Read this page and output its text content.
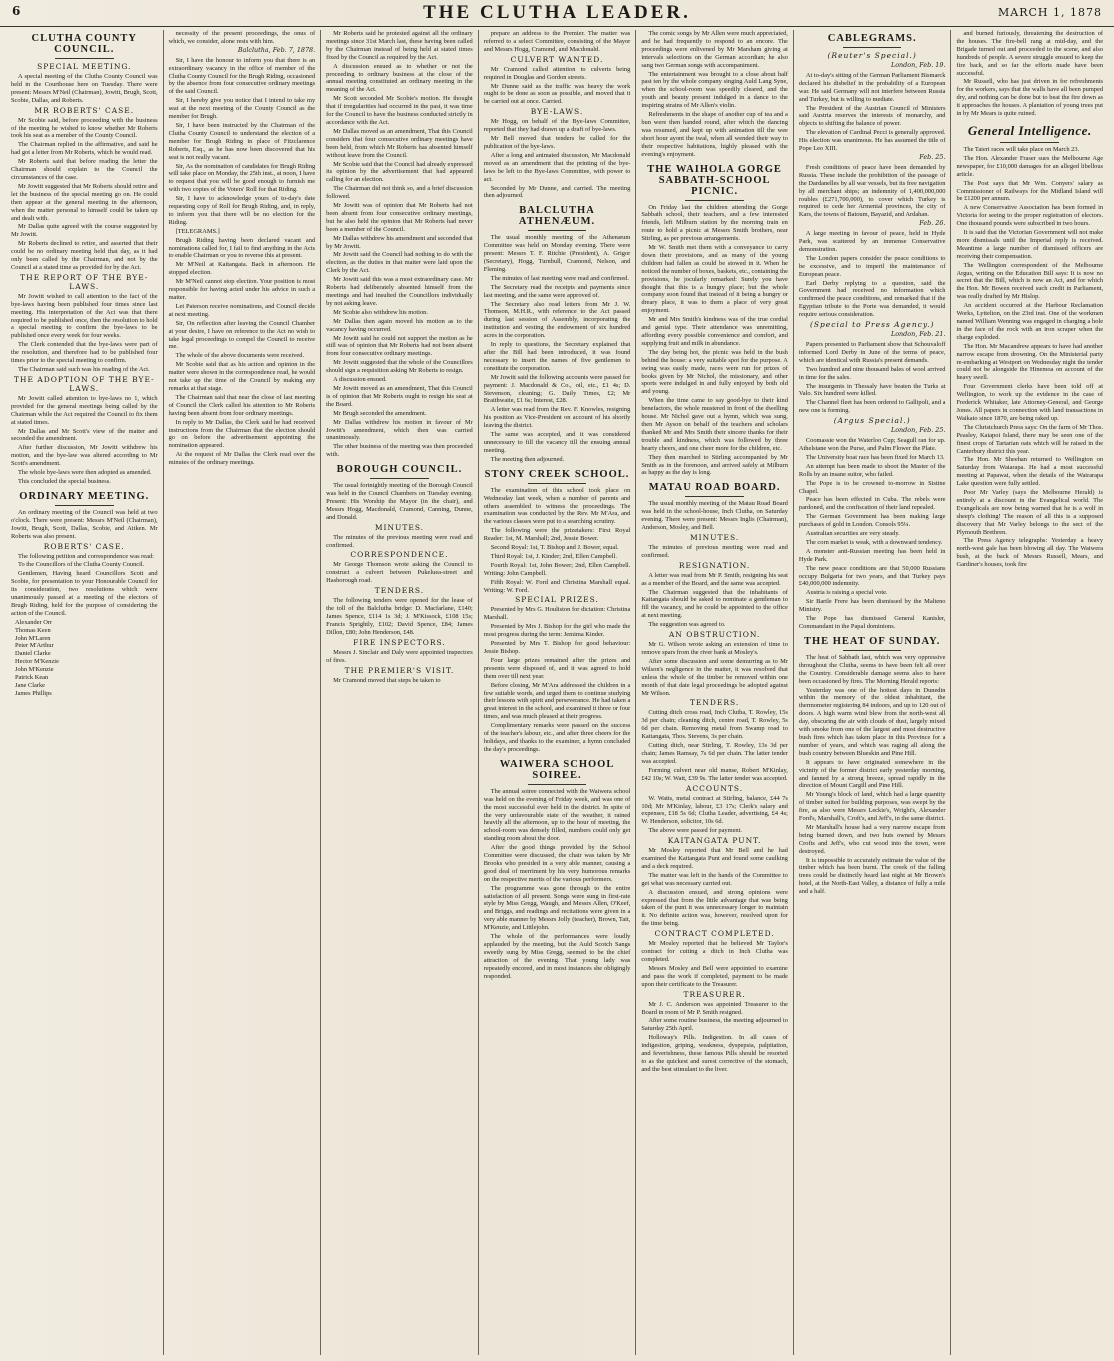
6	THE CLUTHA LEADER.	MARCH 1, 1878
CLUTHA COUNTY COUNCIL.
SPECIAL MEETING.

A special meeting of the Clutha County Council was held in the Courthouse here on Tuesday. There were present: Messrs M'Neil (Chairman), Jowitt, Brugh, Scott, Scobie, Dallas, and Roberts.

MR ROBERTS' CASE.

Mr Scobie said, before proceeding with the business of the meeting he wished to know whether Mr Roberts took his seat as a member of the County Council.

The Chairman replied in the affirmative, and said he had got a letter from Mr Roberts, which he would read.

Mr Roberts said that before reading the letter the Chairman should explain to the Council the circumstances of the case.

Mr Jowitt suggested that Mr Roberts should retire and let the business of the special meeting go on. He could then appear at the general meeting in the afternoon, when the matter personal to himself could be taken up and dealt with.

Mr Dallas quite agreed with the course suggested by Mr Jowitt.

Mr Roberts declined to retire, and asserted that their could be no ordinary meeting held that day, as it had only been called by the Chairman, and not by the Council at a stated time as provided for by the Act.

THE REPORT OF THE BYE-LAWS.

Mr Jowitt wished to call attention to the fact of the bye-laws having been published four times since last meeting. His interpretation of the Act was that there required to be published once, then the resolution to hold a special meeting to confirm the bye-laws to be published once every week for four weeks.

The Clerk contended that the bye-laws were part of the resolution, and therefore had to be published four times prior to the special meeting to confirm.

The Chairman said such was his reading of the Act.

THE ADOPTION OF THE BYE-LAWS.

Mr Jowitt called attention to bye-laws no 1, which provided for the general meetings being called by the Chairman while the Act required the Council to fix them at stated times.

Mr Dallas and Mr Scott's view of the matter and seconded the amendment.

After further discussion, Mr Jowitt withdrew his motion, and the bye-law was altered according to Mr Scott's amendment.

The whole bye-laws were then adopted as amended.

This concluded the special business.

ORDINARY MEETING.

An ordinary meeting of the Council was held at two o'clock. There were present: Messrs M'Neil (Chairman), Jowitt, Brugh, Scott, Dallas, Scobie, and Aitken. Mr Roberts was also present.

ROBERTS' CASE.

The following petition and correspondence was read:

To the Councillors of the Clutha County Council.

Gentlemen, Having heard Councillors Scott and Scobie, for presentation to your Honourable Council for its consideration, two resolutions which were unanimously passed at a meeting of the electors of Brugh Riding, held for the purpose of considering the action of the Council.

Alexander Orr
Thomas Keen
John M'Laren
Peter M'Arthur
Daniel Clarke
Hector M'Kenzie
John M'Kenzie
Patrick Kean
Jane Clarke
James Phillips

necessity of the present proceedings, the onus of which, we consider, alone rests with him.

Balclutha, Feb. 7, 1878.

Sir, I have the honour to inform you that there is an extraordinary vacancy in the office of member of the Clutha County Council for the Brugh Riding, occasioned by the absence from four consecutive ordinary meetings of the said Council.

Sir, I hereby give you notice that I intend to take my seat at the next meeting of the County Council as the member for Brugh.

Sir, I have been instructed by the Chairman of the Clutha County Council to understand the election of a member for Brugh Riding in place of Fitzclarence Roberts, Esq., as he has now been discovered that his seat is not really vacant.

Sir, As the nomination of candidates for Brugh Riding will take place on Monday, the 25th inst., at noon, I have to request that you will be good enough to furnish me with two copies of the Voters' Roll for that Riding.

Sir, I have to acknowledge yours of to-day's date requesting copy of Roll for Brugh Riding, and, in reply, to inform you that there will be no election for the Riding.

[TELEGRAMS.]

Brugh Riding having been declared vacant and nominations called for, I fail to find anything in the Acts to enable Chairman or you to reverse this at present.

Mr M'Neil at Kaitangata. Back in afternoon. He stopped election.

Mr M'Neil cannot stop election. Your position is most responsible for having acted under his advice in such a matter.

Let Paterson receive nominations, and Council decide at next meeting.

Sir, On reflection after leaving the Council Chamber at your desire, I have on reference to the Act no wish to take legal proceedings to compel the Council to receive me.

The whole of the above documents were received.

Mr Scobie said that as his action and opinion in the matter were shown in the correspondence read, he would not take up the time of the Council by making any remarks at that stage.

The Chairman said that near the close of last meeting of Council the Clerk called his attention to Mr Roberts having been absent from four ordinary meetings.

In reply to Mr Dallas, the Clerk said he had received instructions from the Chairman that the election should go on before the advertisement appointing the nomination appeared.

At the request of Mr Dallas the Clerk read over the minutes of the ordinary meetings.

Mr Roberts said he protested against all the ordinary meetings since 31st March last, these having been called by the Chairman instead of being held at stated times fixed by the Council as required by the Act.

A discussion ensued as to whether or not the proceeding to ordinary business at the close of the annual meeting constituted an ordinary meeting in the meaning of the Act.

Mr Scott seconded Mr Scobie's motion. He thought that if irregularities had occurred in the past, it was time for the Council to have the business conducted strictly in accordance with the Act.

Mr Dallas moved as an amendment, That this Council considers that four consecutive ordinary meetings have been held, from which Mr Roberts has absented himself without leave from the Council.

Mr Scobie said that the Council had already expressed its opinion by the advertisement that had appeared calling for an election.

The Chairman did not think so, and a brief discussion followed.

Mr Jowitt was of opinion that Mr Roberts had not been absent from four consecutive ordinary meetings, but he also held the opinion that Mr Roberts had never been a member of the Council.

Mr Dallas withdrew his amendment and seconded that by Mr Jowitt.

Mr Jowitt said the Council had nothing to do with the election, as the duties in that matter were laid upon the Clerk by the Act.

Mr Jowitt said this was a most extraordinary case. Mr Roberts had deliberately absented himself from the meetings and had insulted the Councillors individually by not asking leave.

Mr Scobie also withdrew his motion.

Mr Dallas then again moved his motion as to the vacancy having occurred.

Mr Jowitt said he could not support the motion as he still was of opinion that Mr Roberts had not been absent from four consecutive ordinary meetings.

Mr Jowitt suggested that the whole of the Councillors should sign a requisition asking Mr Roberts to resign.

A discussion ensued.

Mr Jowitt moved as an amendment, That this Council is of opinion that Mr Roberts ought to resign his seat at the Board.

Mr Brugh seconded the amendment.

Mr Dallas withdrew his motion in favour of Mr Jowitt's amendment, which then was carried unanimously.

The other business of the meeting was then proceeded with.

BOROUGH COUNCIL.

The usual fortnightly meeting of the Borough Council was held in the Council Chambers on Tuesday evening. Present: His Worship the Mayor (in the chair), and Messrs Hogg, Macdonald, Cramond, Canning, Dunne, and Donald.

MINUTES.

The minutes of the previous meeting were read and confirmed.

CORRESPONDENCE.

Mr George Thomson wrote asking the Council to construct a culvert between Pukeluea-street and Hasborough road.

TENDERS.

The following tenders were opened for the lease of the toll of the Balclutha bridge: D. Macfarlane, £140; James Spence, £114 1s 3d; J. M'Kissock, £108 15s; Francis Sprightly, £102; David Spence, £84; James Dillon, £80; John Henderson, £48.

FIRE INSPECTORS.

Messrs J. Sinclair and Daly were appointed inspectors of fires.

THE PREMIER'S VISIT.

Mr Cramond moved that steps be taken to

prepare an address to the Premier. The matter was referred to a select Committee, consisting of the Mayor and Messrs Hogg, Cramond, and Macdonald.

CULVERT WANTED.

Mr Cramond called attention to culverts being required in Douglas and Gordon streets.

Mr Dunne said as the traffic was heavy the work ought to be done as soon as possible, and moved that it be carried out at once. Carried.

BYE-LAWS.

Mr Hogg, on behalf of the Bye-laws Committee, reported that they had drawn up a draft of bye-laws.

Mr Bell moved that tenders be called for the publication of the bye-laws.

After a long and animated discussion, Mr Macdonald moved as an amendment that the printing of the bye-laws be left to the Bye-laws Committee, with power to act.

Seconded by Mr Dunne, and carried. The meeting then adjourned.

BALCLUTHA ATHENÆUM.

The usual monthly meeting of the Athenæum Committee was held on Monday evening. There were present: Messrs T. F. Ritchie (President), A. Grigor (Secretary), Hogg, Turnbull, Cramond, Nelson, and Fleming.

The minutes of last meeting were read and confirmed.

The Secretary read the receipts and payments since last meeting, and the same were approved of.

The Secretary also read letters from Mr J. W. Thomson, M.H.R., with reference to the Act passed during last session of Assembly, incorporating the institution and vesting the endowment of six hundred acres in the corporation.

In reply to questions, the Secretary explained that after the Bill had been introduced, it was found necessary to insert the names of five gentlemen to constitute the corporation.

Mr Jowitt said the following accounts were passed for payment: J. Macdonald & Co., oil, etc., £1 4s; D. Stevenson, cleaning; G. Daily Times, £2; Mr Braithwaite, £1 6s; Interest, £28.

A letter was read from the Rev. F. Knowles, resigning his position as Vice-President on account of his shortly leaving the district.

The same was accepted, and it was considered unnecessary to fill the vacancy till the ensuing annual meeting.

The meeting then adjourned.

STONY CREEK SCHOOL.

The examination of this school took place on Wednesday last week, when a number of parents and others assembled to witness the proceedings. The examination was conducted by the Rev. Mr M'Ara, and the various classes were put to a searching scrutiny.

The following were the prizetakers: First Royal Reader: 1st, M. Marshall; 2nd, Jessie Bower.

Second Royal: 1st, T. Bishop and J. Bower, equal.

Third Royal: 1st, J. Kinder; 2nd, Ellen Campbell.

Fourth Royal: 1st, John Bower; 2nd, Ellen Campbell. Writing: John Campbell.

Fifth Royal: W. Ford and Christina Marshall equal. Writing: W. Ford.

SPECIAL PRIZES.

Presented by Mrs G. Houliston for dictation: Christina Marshall.

Presented by Mrs J. Bishop for the girl who made the most progress during the term: Jemima Kinder.

Presented by Mrs T. Bishop for good behaviour: Jessie Bishop.

Four large prizes remained after the prizes and presents were disposed of, and it was agreed to hold them over till next year.

Before closing, Mr M'Ara addressed the children in a few suitable words, and urged them to continue studying their lessons with spirit and perseverance. He had taken a great interest in the school, and examined it three or four times, and was much pleased at their progress.

Complimentary remarks were passed on the success of the teacher's labour, etc., and after three cheers for the holidays, and thanks to the examiner, a hymn concluded the day's proceedings.

WAIWERA SCHOOL SOIREE.

The annual soiree connected with the Waiwera school was held on the evening of Friday week, and was one of the most successful ever held in the district. In spite of the very unfavourable state of the weather, it rained heavily all the afternoon, up to the hour of meeting, the school-room was densely filled, numbers could only get standing room about the door.

After the good things provided by the School Committee were discussed, the chair was taken by Mr Brooks who presided in a very able manner, causing a good deal of merriment by his very humorous remarks on the respective merits of the various performers.

The programme was gone through to the entire satisfaction of all present. Songs were sung in first-rate style by Miss Gregg, Waugh, and Messrs Allen, O'Keef, and Briggs, and readings and recitations were given in a very able manner by Messrs Jolly (teacher), Brown, Tait, M'Kenzie, and Littlejohn.

The whole of the performances were loudly applauded by the meeting, but the Auld Scotch Sangs sweetly sung by Miss Gregg, seemed to be the chief attraction of the evening. That young lady was repeatedly encored, and in most instances she obligingly responded.

The comic songs by Mr Allen were much appreciated, and he had frequently to respond to an encore. The proceedings were enlivened by Mr Marsham giving at intervals selections on the German accordian; he also sang two German songs with accompaniment.

The entertainment was brought to a close about half past ten by the whole company singing Auld Lang Syne, when the school-room was speedily cleared, and the youth and beauty present indulged in a dance to the inspiring strains of Mr Allen's violin.

Refreshments in the shape of another cup of tea and a bun were then handed round, after which the dancing was resumed, and kept up with animation till the wee short hour ayont the twal, when all wended their way to their respective habitations, highly pleased with the evening's enjoyment.

THE WAIHOLA GORGE SABBATH-SCHOOL PICNIC.

On Friday last the children attending the Gorge Sabbath school, their teachers, and a few interested friends, left Milburn station by the morning train en route to hold a picnic at Messrs Smith brothers, near Stirling, as per previous arrangements.

Mr W. Smith met them with a conveyance to carry down their provisions, and as many of the young children had fallen as could be stowed in it. When he noticed the number of boxes, baskets, etc., containing the provisions, he jocularly remarked: Surely you have thought that this is a hungry place; but the whole company soon found that instead of it being a hungry or dreary place, it was to them a place of very great enjoyment.

Mr and Mrs Smith's kindness was of the true cordial and genial type. Their attendance was unremitting, affording every possible convenience and comfort, and supplying fruit and milk in abundance.

The day being hot, the picnic was held in the bush behind the house: a very suitable spot for the purpose. A swing was easily made, races were run for prizes of books given by Mr Nichol, the missionary, and other sports were indulged in and fully enjoyed by both old and young.

When the time came to say good-bye to their kind benefactors, the whole mustered in front of the dwelling house. Mr Nichol gave out a hymn, which was sung, then Mr Ayson on behalf of the teachers and scholars thanked Mr and Mrs Smith their sincere thanks for their trouble and kindness, which was followed by three hearty cheers, and one cheer more for the children, etc.

They then marched to Stirling accompanied by Mr Smith as in the forenoon, and arrived safely at Milburn as happy as the day is long.

MATAU ROAD BOARD.

The usual monthly meeting of the Matau Road Board was held in the school-house, Inch Clutha, on Saturday evening. There were present: Messrs Inglis (Chairman), Anderson, Mosley, and Bell.

MINUTES.

The minutes of previous meeting were read and confirmed.

RESIGNATION.

A letter was read from Mr P. Smith, resigning his seat as a member of the Board, and the same was accepted.

The Chairman suggested that the inhabitants of Kaitangata should be asked to nominate a gentleman to fill the vacancy, and he could be appointed to the office at next meeting.

The suggestion was agreed to.

AN OBSTRUCTION.

Mr G. Wilson wrote asking an extension of time to remove spars from the river bank at Mosley's.

After some discussion and some demurring as to Mr Wilson's negligence in the matter, it was resolved that unless the whole of the timber be removed within one month of that date legal proceedings be adopted against Mr Wilson.

TENDERS.

Cutting ditch cross road, Inch Clutha, T. Rowley, 15s 3d per chain; cleaning ditch, centre road, T. Rowley, 5s 6d per chain. Removing metal from Swamp road to Kaitangata, Thos. Stevens, 3s per chain.

Cutting ditch, near Stirling, T. Rowley, 13s 3d per chain; James Ramsay, 7s 6d per chain. The latter tender was accepted.

Forming culvert near old manse, Robert M'Kinlay, £42 10s; W. Watt, £39 9s. The latter tender was accepted.

ACCOUNTS.

W. Watts, metal contract at Stirling, balance, £44 7s 10d; Mr M'Kinlay, labour, £3 17s; Clerk's salary and expenses, £18 5s 6d; Clutha Leader, advertising, £4 4s; W. Henderson, solicitor, 10s 6d.

The above were passed for payment.

KAITANGATA PUNT.

Mr Mosley reported that Mr Bell and he had examined the Kaitangata Punt and found some caulking and a deck required.

The matter was left in the hands of the Committee to get what was necessary carried out.

A discussion ensued, and strong opinions were expressed that from the little advantage that was being taken of the punt it was unnecessary longer to maintain it. No definite action was, however, resolved upon for the time being.

CONTRACT COMPLETED.

Mr Mosley reported that he believed Mr Taylor's contract for cutting a ditch in Inch Clutha was completed.

Messrs Mosley and Bell were appointed to examine and pass the work if completed, payment to be made upon their certificate to the Treasurer.

TREASURER.

Mr J. C. Anderson was appointed Treasurer to the Board in room of Mr P. Smith resigned.

After some routine business, the meeting adjourned to Saturday 25th April.

Holloway's Pills. Indigestion. In all cases of indigestion, griping, weakness, dyspepsia, palpitation, and feverishness, these famous Pills should be resorted to as the quickest and surest corrective of the stomach, and the best stimulant to the liver.

CABLEGRAMS.
(Reuter's Special.)

London, Feb. 19.

At to-day's sitting of the German Parliament Bismarck declared his disbelief in the probability of a European war. He said Germany will not interfere between Russia and Turkey, but is willing to mediate.

The President of the Austrian Council of Ministers said Austria reserves the interests of monarchy, and objects to shifting the balance of power.

The elevation of Cardinal Pecci is generally approved. His election was unanimous. He has assumed the title of Pope Leo XIII.

Feb. 25.

Fresh conditions of peace have been demanded by Russia. These include the prohibition of the passage of the Dardanelles by all war vessels, but its free navigation by all merchant ships; an indemnity of 1,400,000,000 roubles (£271,700,000), to cover which Turkey is required to cede her Armenial provinces, the city of Kars, the towns of Batoum, Bayazid, and Ardahan.

Feb. 26.

A large meeting in favour of peace, held in Hyde Park, was scattered by an immense Conservative demonstration.

The London papers consider the peace conditions to be excessive, and to imperil the maintenance of European peace.

Earl Derby replying to a question, said the Government had received no information which confirmed the peace conditions, and remarked that if the Egyptian tribute to the Porte was demanded, it would require serious consideration.

(Special to Press Agency.)

London, Feb. 21.

Papers presented to Parliament show that Schouvaloff informed Lord Derby in June of the terms of peace, which are identical with Russia's present demands.

Two hundred and nine thousand bales of wool arrived in time for the sales.

The insurgents in Thessaly have beaten the Turks at Valo. Six hundred were killed.

The Channel fleet has been ordered to Gallipoli, and a new one is forming.

(Argus Special.)

London, Feb. 25.

Coomassie won the Waterloo Cup; Seagull ran for up. Athelstane won the Purse, and Palm Flower the Plate.

The University boat race has been fixed for March 13.

An attempt has been made to shoot the Master of the Rolls by an insane suitor, who failed.

The Pope is to be crowned to-morrow in Sistine Chapel.

Peace has been effected in Cuba. The rebels were pardoned, and the confiscation of their land repealed.

The German Government has been making large purchases of gold in London. Consols 95¼.

Australian securities are very steady.

The corn market is weak, with a downward tendency.

A monster anti-Russian meeting has been held in Hyde Park.

The new peace conditions are that 50,000 Russians occupy Bulgaria for two years, and that Turkey pays £40,000,000 indemnity.

Austria is raising a special vote.

Sir Bartle Frere has been dismissed by the Malteno Ministry.

The Pope has dismissed General Kanisler, Commandant in the Papal dominions.

THE HEAT OF SUNDAY.

The heat of Sabbath last, which was very oppressive throughout the Clutha, seems to have been felt all over the Country. Considerable damage seems also to have been occasioned by fires. The Morning Herald reports:

Yesterday was one of the hottest days in Dunedin within the memory of the oldest inhabitant, the thermometer registering 84 indoors, and up to 120 out of doors. A high warm wind blew from the north-west all day, obscuring the air with clouds of dust, largely mixed with smoke from one of the largest and most destructive bush fires which has taken place in this Province for a number of years, and which was raging all along the bush country between Blueskin and Pine Hill.

It appears to have originated somewhere in the vicinity of the former district early yesterday morning, and fanned by a strong breeze, spread rapidly in the direction of Mount Cargill and Pine Hill.

Mr Young's block of land, which had a large quantity of timber suited for building purposes, was swept by the fire, as also were Messrs Leckie's, Wright's, Alexander Ford's, Marshall's, Croft's, and Jeff's, in the same district.

Mr Marshall's house had a very narrow escape from being burned down, and two huts owned by Messrs Crofts and Jeff's, who cut wood into the town, were destroyed.

It is impossible to accurately estimate the value of the timber which has been burnt. The creek of the falling trees could be distinctly heard last night at Mr Brown's hotel, at the North-East Valley, a distance of fully a mile and a half.

and burned furiously, threatening the destruction of the houses. The fire-bell rang at mid-day, and the Brigade turned out and proceeded to the scene, and also hundreds of people. A severe struggle ensued to keep the fire back, and so far the efforts made have been successful.

Mr Russell, who has just driven in for refreshments for the workers, says that the walls have all been pumped dry, and nothing can be done but to beat the fire down as it approaches the houses. A plantation of young trees put in by Mr Mears is quite ruined.

General Intelligence.

The Taieri races will take place on March 23.

The Hon. Alexander Fraser sues the Melbourne Age newspaper, for £10,000 damages for an alleged libellous article.

The Post says that Mr Wm. Conyers' salary as Commissioner of Railways for the Midland Island will be £1200 per annum.

A new Conservative Association has been formed in Victoria for seeing to the proper registration of electors. One thousand pounds were subscribed in two hours.

It is said that the Victorian Government will not make more dismissals until the Imperial reply is received. Meantime a large number of dismissed officers are receiving their compensation.

The Wellington correspondent of the Melbourne Argus, writing on the Education Bill says: It is now no secret that the Bill, which is now an Act, and for which the Hon. Mr Bowen received such credit in Parliament, was really drafted by Mr Hislop.

An accident occurred at the Harbour Reclamation Works, Lyttelton, on the 23rd inst. One of the workmen named William Wenning was engaged in charging a hole in the face of the rock with an iron scraper when the charge exploded.

The Hon. Mr Macandrew appears to have had another narrow escape from drowning. On the Ministerial party re-embarking at Westport on Wednesday night the tender could not be alongside the Hinemoa on account of the heavy swell.

Four Government clerks have been told off at Wellington, to work up the evidence in the case of Frederick Whitaker, late Attorney-General, and George Jones. All papers in connection with land transactions in Waikato since 1870, are being raked up.

The Christchurch Press says: On the farm of Mr Thos. Peasley, Kaiapoi Island, there may be seen one of the finest crops of Tartarian oats which will be raised in the Canterbury district this year.

The Hon. Mr Sheehan returned to Wellington on Saturday from Waiarapa. He had a most successful meeting at Papawai, when the details of the Wairarapa Lake question were fully settled.

Poor Mr Varley (says the Melbourne Herald) is entirely at a discount in the Evangelical world. The Evangelicals are now being warned that he is a wolf in sheep's clothing! The reason of all this is a supposed discovery that Mr Varley belongs to the sect of the Plymouth Brethren.

The Press Agency telegraphs: Yesterday a heavy north-west gale has been blowing all day. The Waiwera bush, at the back of Messrs Russell, Mears, and Gardiner's houses, took fire
